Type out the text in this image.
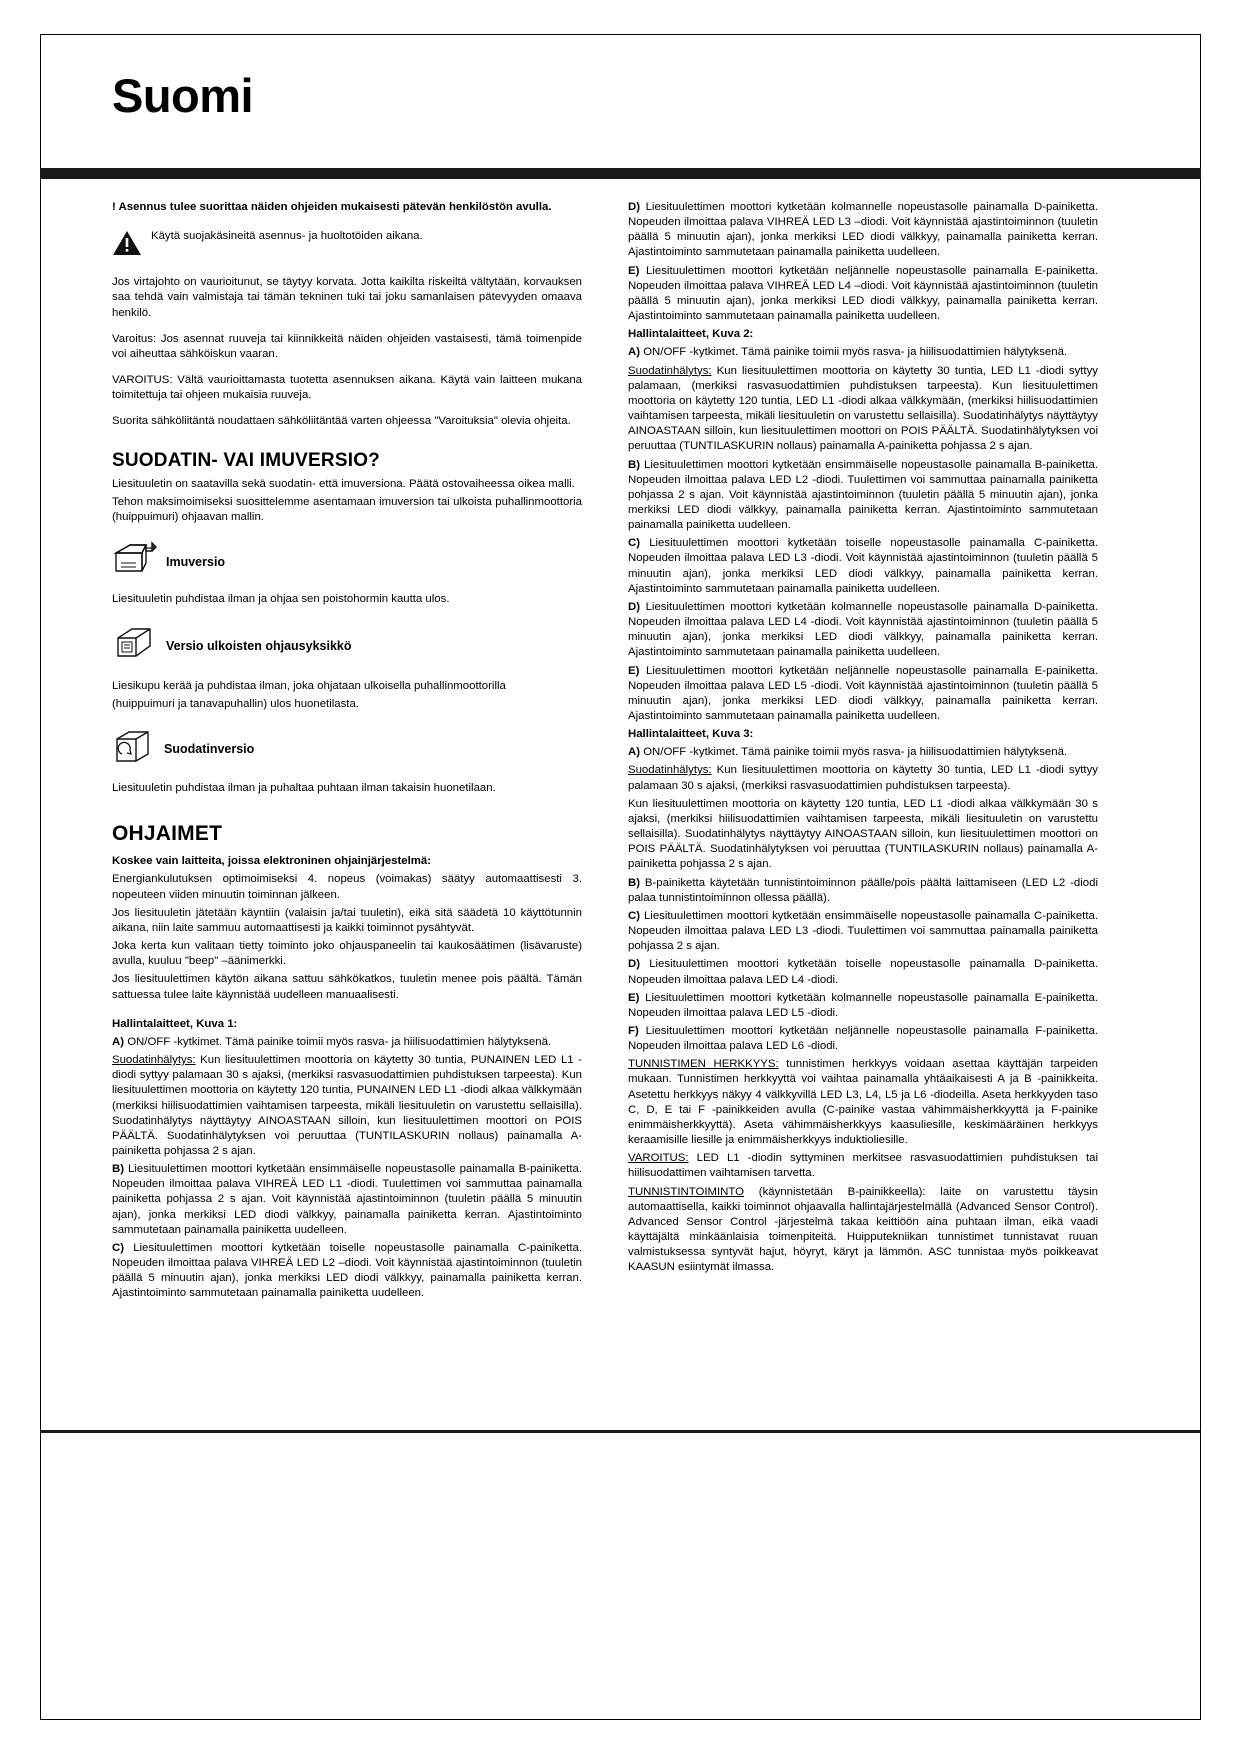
Suomi

! Asennus tulee suorittaa näiden ohjeiden mukaisesti pätevän henkilöstön avulla.

Käytä suojakäsineitä asennus- ja huoltotöiden aikana.

Jos virtajohto on vaurioitunut, se täytyy korvata. Jotta kaikilta riskeiltä vältytään, korvauksen saa tehdä vain valmistaja tai tämän tekninen tuki tai joku samanlaisen pätevyyden omaava henkilö.

Varoitus: Jos asennat ruuveja tai kiinnikkeitä näiden ohjeiden vastaisesti, tämä toimenpide voi aiheuttaa sähköiskun vaaran.

VAROITUS: Vältä vaurioittamasta tuotetta asennuksen aikana. Käytä vain laitteen mukana toimitettuja tai ohjeen mukaisia ruuveja.

Suorita sähköliitäntä noudattaen sähköliitäntää varten ohjeessa "Varoituksia" olevia ohjeita.

SUODATIN- VAI IMUVERSIO?

Liesituuletin on saatavilla sekä suodatin- että imuversiona. Päätä ostovaiheessa oikea malli.

Tehon maksimoimiseksi suosittelemme asentamaan imuversion tai ulkoista puhallinmoottoria (huippuimuri) ohjaavan mallin.

Imuversio

Liesituuletin puhdistaa ilman ja ohjaa sen poistohormin kautta ulos.

Versio ulkoisten ohjausyksikkö

Liesikupu kerää ja puhdistaa ilman, joka ohjataan ulkoisella puhallinmoottorilla

(huippuimuri ja tanavapuhallin) ulos huonetilasta.

Suodatinversio

Liesituuletin puhdistaa ilman ja puhaltaa puhtaan ilman takaisin huonetilaan.

OHJAIMET

Koskee vain laitteita, joissa elektroninen ohjainjärjestelmä:

Energiankulutuksen optimoimiseksi 4. nopeus (voimakas) säätyy automaattisesti 3. nopeuteen viiden minuutin toiminnan jälkeen.

Jos liesituuletin jätetään käyntiin (valaisin ja/tai tuuletin), eikä sitä säädetä 10 käyttötunnin aikana, niin laite sammuu automaattisesti ja kaikki toiminnot pysähtyvät.

Joka kerta kun valitaan tietty toiminto joko ohjauspaneelin tai kaukosäätimen (lisävaruste) avulla, kuuluu "beep" –äänimerkki.

Jos liesituulettimen käytön aikana sattuu sähkökatkos, tuuletin menee pois päältä. Tämän sattuessa tulee laite käynnistää uudelleen manuaalisesti.

Hallintalaitteet, Kuva 1:

A) ON/OFF -kytkimet. Tämä painike toimii myös rasva- ja hiilisuodattimien hälytyksenä.

Suodatinhälytys: Kun liesituulettimen moottoria on käytetty 30 tuntia, PUNAINEN LED L1 -diodi syttyy palamaan 30 s ajaksi, (merkiksi rasvasuodattimien puhdistuksen tarpeesta). Kun liesituulettimen moottoria on käytetty 120 tuntia, PUNAINEN LED L1 -diodi alkaa välkkymään (merkiksi hiilisuodattimien vaihtamisen tarpeesta, mikäli liesituuletin on varustettu sellaisilla). Suodatinhälytys näyttäytyy AINOASTAAN silloin, kun liesituulettimen moottori on POIS PÄÄLTÄ. Suodatinhälytyksen voi peruuttaa (TUNTILASKURIN nollaus) painamalla A-painiketta pohjassa 2 s ajan.

B) Liesituulettimen moottori kytketään ensimmäiselle nopeustasolle painamalla B-painiketta. Nopeuden ilmoittaa palava VIHREÄ LED L1 -diodi. Tuulettimen voi sammuttaa painamalla painiketta pohjassa 2 s ajan. Voit käynnistää ajastintoiminnon (tuuletin päällä 5 minuutin ajan), jonka merkiksi LED diodi välkkyy, painamalla painiketta kerran. Ajastintoiminto sammutetaan painamalla painiketta uudelleen.

C) Liesituulettimen moottori kytketään toiselle nopeustasolle painamalla C-painiketta. Nopeuden ilmoittaa palava VIHREÄ LED L2 –diodi. Voit käynnistää ajastintoiminnon (tuuletin päällä 5 minuutin ajan), jonka merkiksi LED diodi välkkyy, painamalla painiketta kerran. Ajastintoiminto sammutetaan painamalla painiketta uudelleen.

D) Liesituulettimen moottori kytketään kolmannelle nopeustasolle painamalla D-painiketta. Nopeuden ilmoittaa palava VIHREÄ LED L3 –diodi. Voit käynnistää ajastintoiminnon (tuuletin päällä 5 minuutin ajan), jonka merkiksi LED diodi välkkyy, painamalla painiketta kerran. Ajastintoiminto sammutetaan painamalla painiketta uudelleen.

E) Liesituulettimen moottori kytketään neljännelle nopeustasolle painamalla E-painiketta. Nopeuden ilmoittaa palava VIHREÄ LED L4 –diodi. Voit käynnistää ajastintoiminnon (tuuletin päällä 5 minuutin ajan), jonka merkiksi LED diodi välkkyy, painamalla painiketta kerran. Ajastintoiminto sammutetaan painamalla painiketta uudelleen.

Hallintalaitteet, Kuva 2:

A) ON/OFF -kytkimet. Tämä painike toimii myös rasva- ja hiilisuodattimien hälytyksenä.

Suodatinhälytys: Kun liesituulettimen moottoria on käytetty 30 tuntia, LED L1 -diodi syttyy palamaan, (merkiksi rasvasuodattimien puhdistuksen tarpeesta). Kun liesituulettimen moottoria on käytetty 120 tuntia, LED L1 -diodi alkaa välkkymään, (merkiksi hiilisuodattimien vaihtamisen tarpeesta, mikäli liesituuletin on varustettu sellaisilla). Suodatinhälytys näyttäytyy AINOASTAAN silloin, kun liesituulettimen moottori on POIS PÄÄLTÄ. Suodatinhälytyksen voi peruuttaa (TUNTILASKURIN nollaus) painamalla A-painiketta pohjassa 2 s ajan.

B) Liesituulettimen moottori kytketään ensimmäiselle nopeustasolle painamalla B-painiketta. Nopeuden ilmoittaa palava LED L2 -diodi. Tuulettimen voi sammuttaa painamalla painiketta pohjassa 2 s ajan. Voit käynnistää ajastintoiminnon (tuuletin päällä 5 minuutin ajan), jonka merkiksi LED diodi välkkyy, painamalla painiketta kerran. Ajastintoiminto sammutetaan painamalla painiketta uudelleen.

C) Liesituulettimen moottori kytketään toiselle nopeustasolle painamalla C-painiketta. Nopeuden ilmoittaa palava LED L3 -diodi. Voit käynnistää ajastintoiminnon (tuuletin päällä 5 minuutin ajan), jonka merkiksi LED diodi välkkyy, painamalla painiketta kerran. Ajastintoiminto sammutetaan painamalla painiketta uudelleen.

D) Liesituulettimen moottori kytketään kolmannelle nopeustasolle painamalla D-painiketta. Nopeuden ilmoittaa palava LED L4 -diodi. Voit käynnistää ajastintoiminnon (tuuletin päällä 5 minuutin ajan), jonka merkiksi LED diodi välkkyy, painamalla painiketta kerran. Ajastintoiminto sammutetaan painamalla painiketta uudelleen.

E) Liesituulettimen moottori kytketään neljännelle nopeustasolle painamalla E-painiketta. Nopeuden ilmoittaa palava LED L5 -diodi. Voit käynnistää ajastintoiminnon (tuuletin päällä 5 minuutin ajan), jonka merkiksi LED diodi välkkyy, painamalla painiketta kerran. Ajastintoiminto sammutetaan painamalla painiketta uudelleen.

Hallintalaitteet, Kuva 3:

A) ON/OFF -kytkimet. Tämä painike toimii myös rasva- ja hiilisuodattimien hälytyksenä.

Suodatinhälytys: Kun liesituulettimen moottoria on käytetty 30 tuntia, LED L1 -diodi syttyy palamaan 30 s ajaksi, (merkiksi rasvasuodattimien puhdistuksen tarpeesta).

Kun liesituulettimen moottoria on käytetty 120 tuntia, LED L1 -diodi alkaa välkkymään 30 s ajaksi, (merkiksi hiilisuodattimien vaihtamisen tarpeesta, mikäli liesituuletin on varustettu sellaisilla). Suodatinhälytys näyttäytyy AINOASTAAN silloin, kun liesituulettimen moottori on POIS PÄÄLTÄ. Suodatinhälytyksen voi peruuttaa (TUNTILASKURIN nollaus) painamalla A-painiketta pohjassa 2 s ajan.

B) B-painiketta käytetään tunnistintoiminnon päälle/pois päältä laittamiseen (LED L2 -diodi palaa tunnistintoiminnon ollessa päällä).

C) Liesituulettimen moottori kytketään ensimmäiselle nopeustasolle painamalla C-painiketta. Nopeuden ilmoittaa palava LED L3 -diodi. Tuulettimen voi sammuttaa painamalla painiketta pohjassa 2 s ajan.

D) Liesituulettimen moottori kytketään toiselle nopeustasolle painamalla D-painiketta. Nopeuden ilmoittaa palava LED L4 -diodi.

E) Liesituulettimen moottori kytketään kolmannelle nopeustasolle painamalla E-painiketta. Nopeuden ilmoittaa palava LED L5 -diodi.

F) Liesituulettimen moottori kytketään neljännelle nopeustasolle painamalla F-painiketta. Nopeuden ilmoittaa palava LED L6 -diodi.

TUNNISTIMEN HERKKYYS: tunnistimen herkkyys voidaan asettaa käyttäjän tarpeiden mukaan. Tunnistimen herkkyyttä voi vaihtaa painamalla yhtäaikaisesti A ja B -painikkeita. Asetettu herkkyys näkyy 4 välkkyvillä LED L3, L4, L5 ja L6 -diodeilla. Aseta herkkyyden taso C, D, E tai F -painikkeiden avulla (C-painike vastaa vähimmäisherkkyyttä ja F-painike enimmäisherkkyyttä). Aseta vähimmäisherkkyys kaasuliesille, keskimääräinen herkkyys keraamisille liesille ja enimmäisherkkyys induktioliesille.

VAROITUS: LED L1 -diodin syttyminen merkitsee rasvasuodattimien puhdistuksen tai hiilisuodattimen vaihtamisen tarvetta.

TUNNISTINTOIMINTO (käynnistetään B-painikkeella): laite on varustettu täysin automaattisella, kaikki toiminnot ohjaavalla hallintajärjestelmällä (Advanced Sensor Control). Advanced Sensor Control -järjestelmä takaa keittiöön aina puhtaan ilman, eikä vaadi käyttäjältä minkäänlaisia toimenpiteitä. Huipputekniikan tunnistimet tunnistavat ruuan valmistuksessa syntyvät hajut, höyryt, käryt ja lämmön. ASC tunnistaa myös poikkeavat KAASUN esiintymät ilmassa.
